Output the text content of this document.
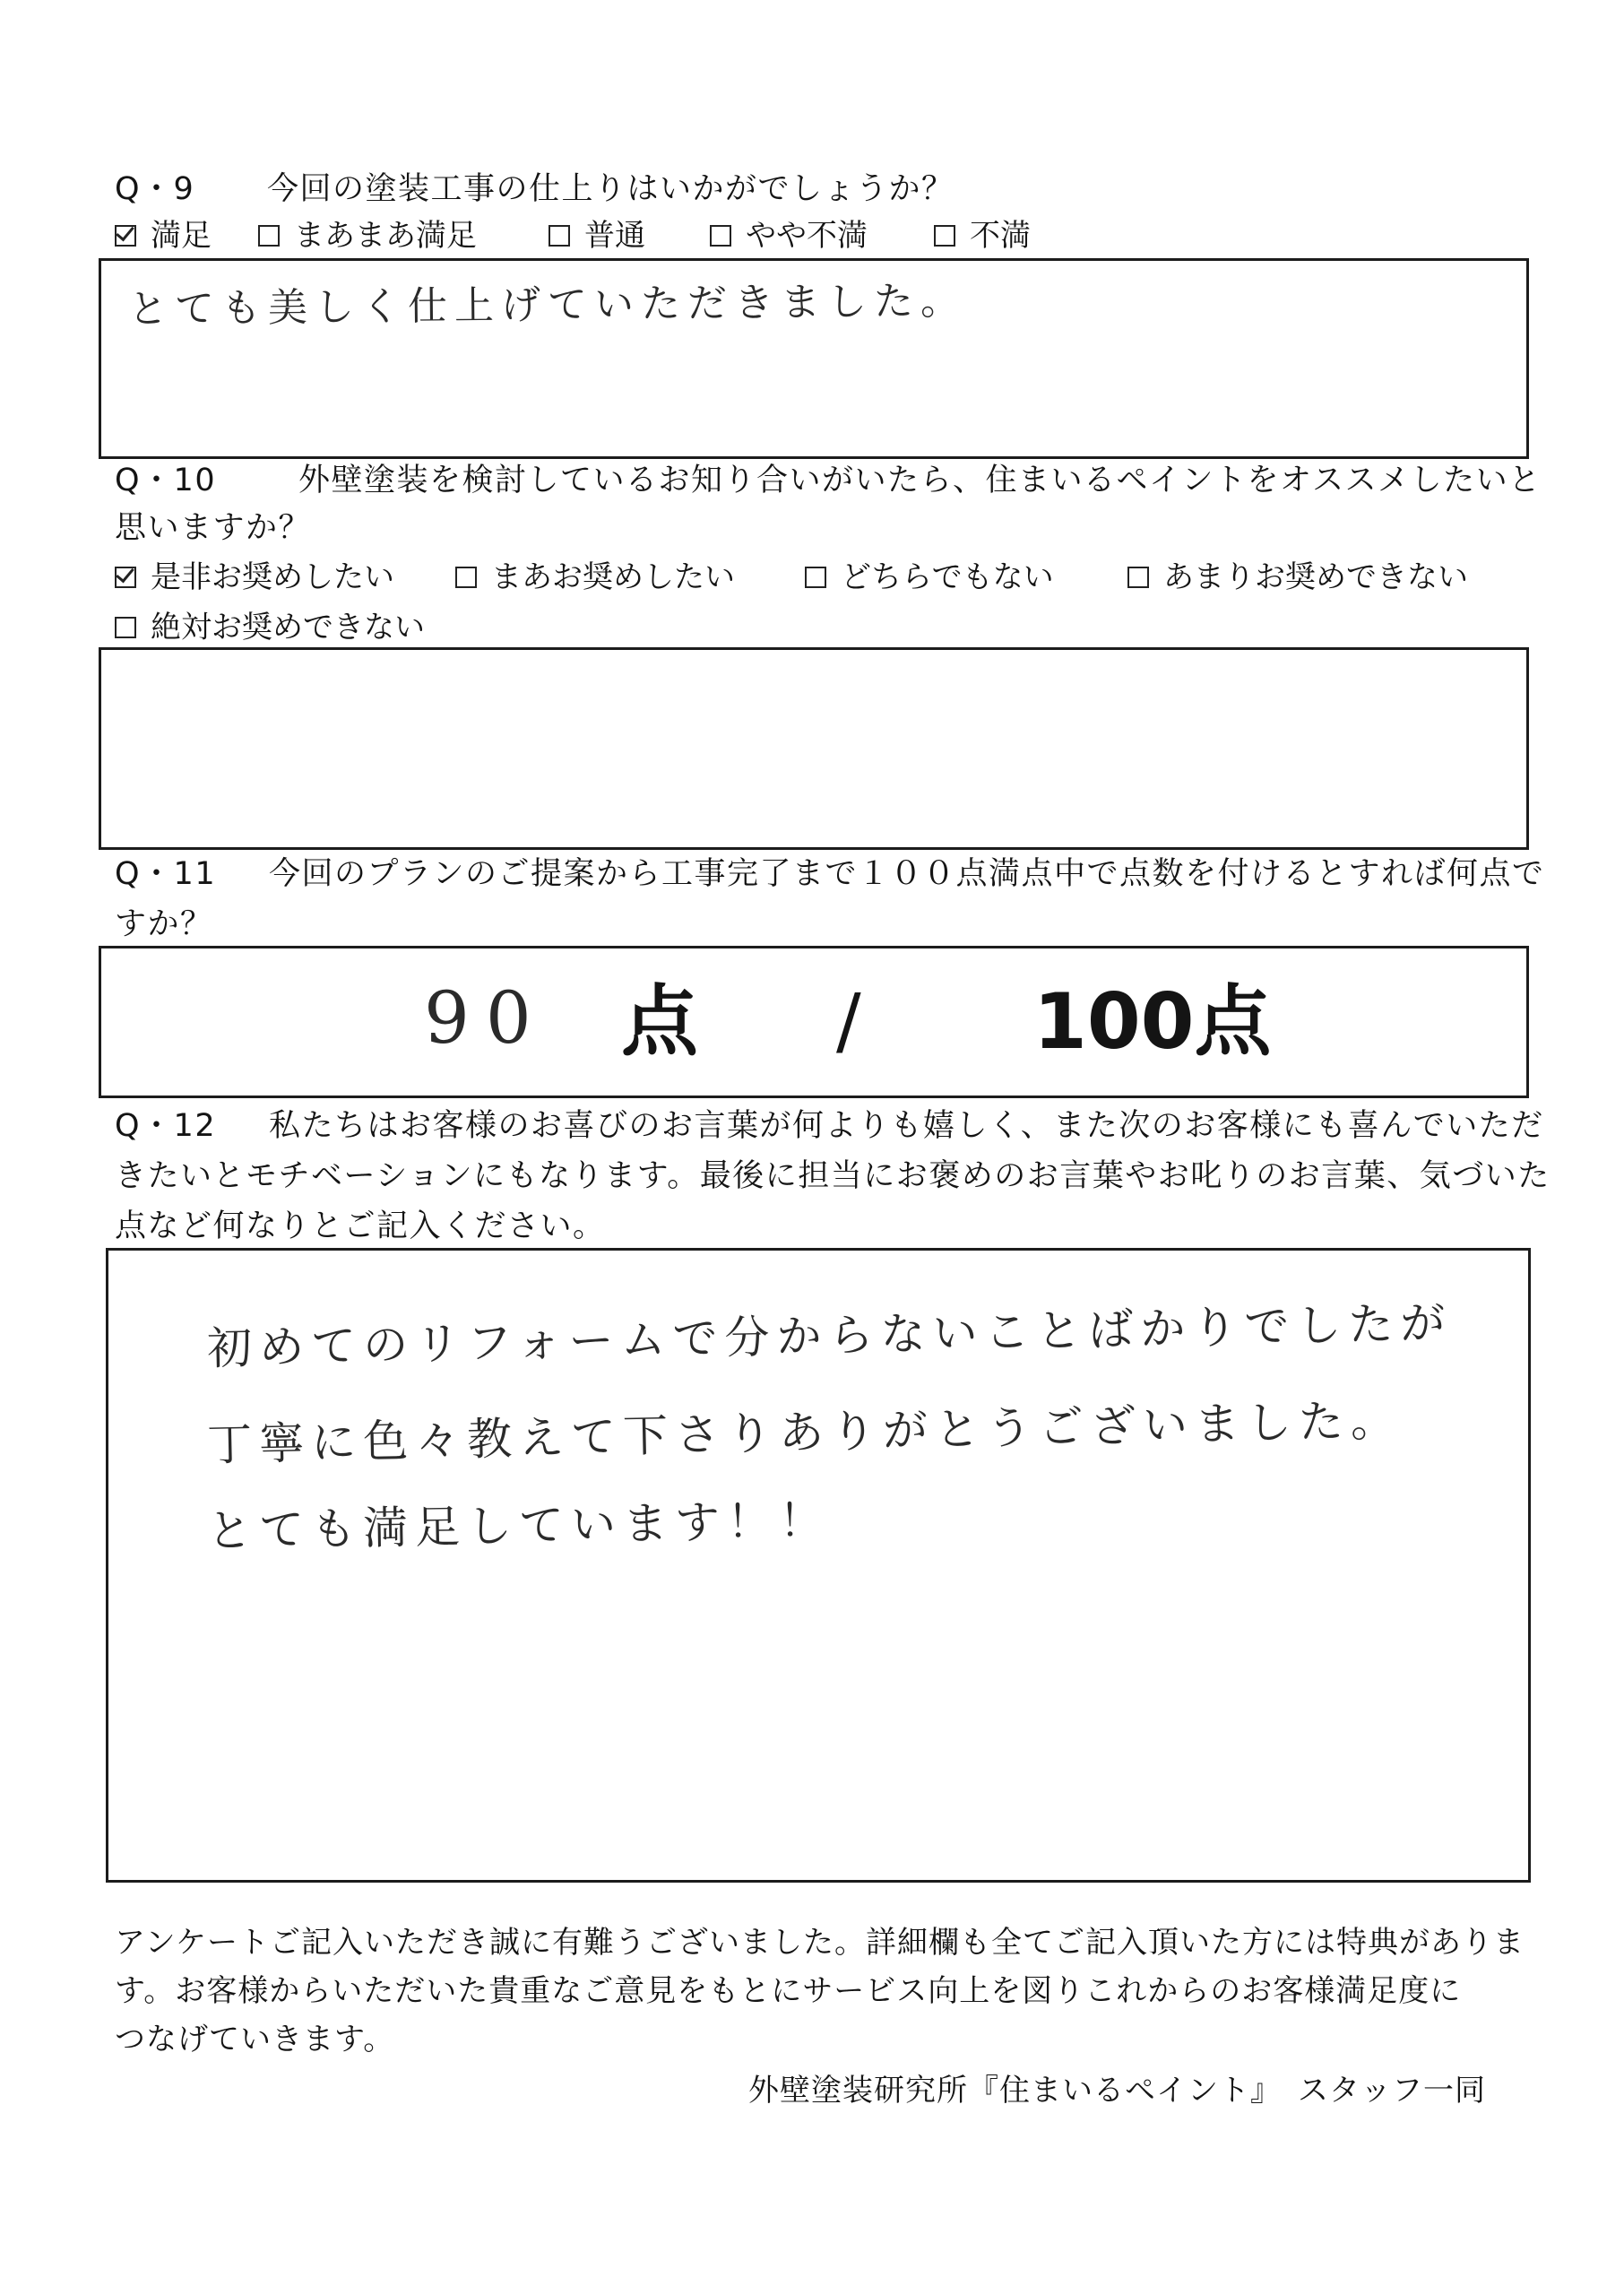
Q・9 今回の塗装工事の仕上りはいかがでしょうか？
満足	まあまあ満足	普通	やや不満	不満
とても美しく仕上げていただきました。
Q・10	外壁塗装を検討しているお知り合いがいたら、住まいるペイントをオススメしたいと
思いますか？
是非お奨めしたい	まあお奨めしたい	どちらでもない	あまりお奨めできない
絶対お奨めできない
Q・11 今回のプランのご提案から工事完了まで１００点満点中で点数を付けるとすれば何点で
すか？
90 点 / 100点
Q・12 私たちはお客様のお喜びのお言葉が何よりも嬉しく、また次のお客様にも喜んでいただ
きたいとモチベーションにもなります。最後に担当にお褒めのお言葉やお叱りのお言葉、気づいた
点など何なりとご記入ください。
初めてのリフォームで分からないことばかりでしたが
丁寧に色々教えて下さりありがとうございました。
とても満足しています！！
アンケートご記入いただき誠に有難うございました。詳細欄も全てご記入頂いた方には特典がありま
す。お客様からいただいた貴重なご意見をもとにサービス向上を図りこれからのお客様満足度に
つなげていきます。
外壁塗装研究所『住まいるペイント』　スタッフ一同
